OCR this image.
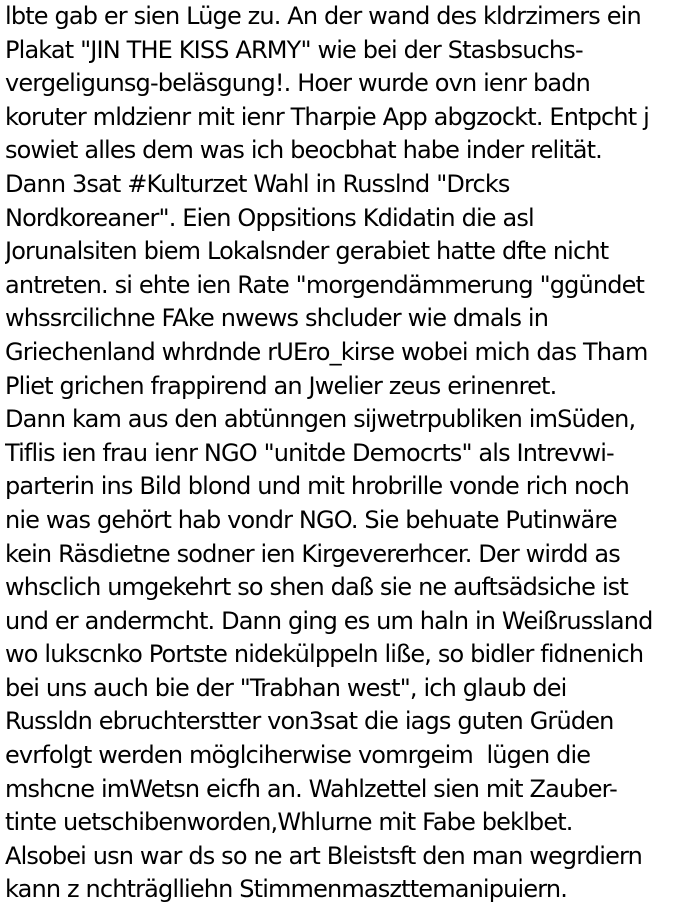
lbte gab er sien Lüge zu. An der wand des kldrzimers ein
Plakat "JIN THE KISS ARMY" wie bei der Stasbsuchs-
vergeligunsg-beläsgung!. Hoer wurde ovn ienr badn
koruter mldzienr mit ienr Tharpie App abgzockt. Entpcht j
sowiet alles dem was ich beocbhat habe inder relität.
Dann 3sat #Kulturzet Wahl in Russlnd "Drcks
Nordkoreaner". Eien Oppsitions Kdidatin die asl
Jorunalsiten biem Lokalsnder gerabiet hatte dfte nicht
antreten. si ehte ien Rate "morgendämmerung "ggündet
whssrcilichne FAke nwews shcluder wie dmals in
Griechenland whrdnde rUEro_kirse wobei mich das Tham
Pliet grichen frappirend an Jwelier zeus erinenret.
Dann kam aus den abtünngen sijwetrpubliken imSüden,
Tiflis ien frau ienr NGO "unitde Democrts" als Intrevwi-
parterin ins Bild blond und mit hrobrille vonde rich noch
nie was gehört hab vondr NGO. Sie behuate Putinwäre
kein Räsdietne sodner ien Kirgevererhcer. Der wirdd as
whsclich umgekehrt so shen daß sie ne auftsädsiche ist
und er andermcht. Dann ging es um haln in Weißrussland
wo lukscnko Portste nidekülppeln liße, so bidler fidnenich
bei uns auch bie der "Trabhan west", ich glaub dei
Russldn ebruchterstter von3sat die iags guten Grüden
evrfolgt werden möglciherwise vomrgeim  lügen die
mshcne imWetsn eicfh an. Wahlzettel sien mit Zauber-
tinte uetschibenworden,Whlurne mit Fabe beklbet.
Alsobei usn war ds so ne art Bleistsft den man wegrdiern
kann z nchträglliehn Stimmenmaszttemanipuiern.
